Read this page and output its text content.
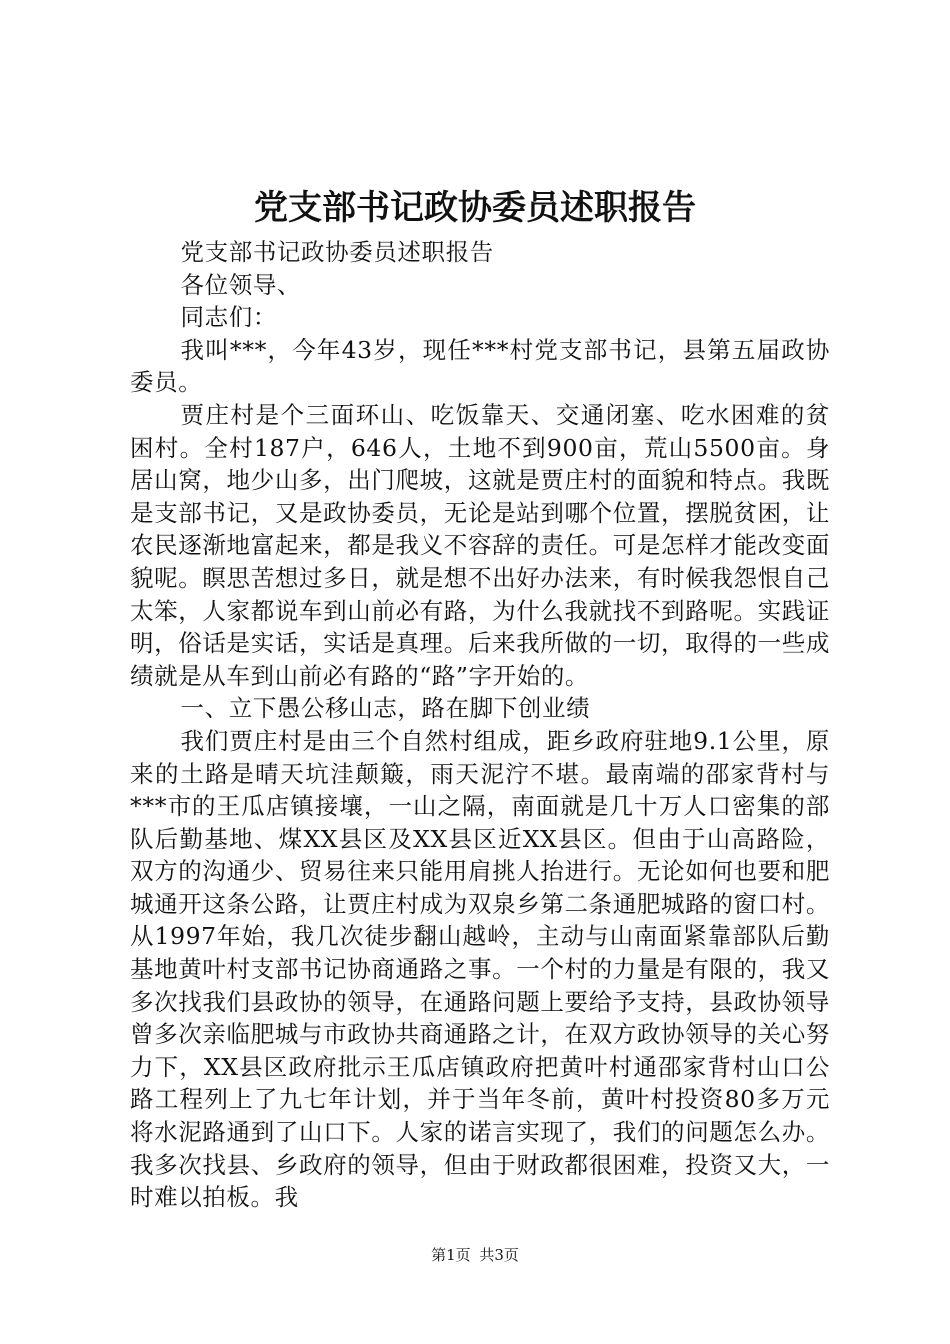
党支部书记政协委员述职报告

党支部书记政协委员述职报告

各位领导、

同志们：

我叫***，今年43岁，现任***村党支部书记，县第五届政协委员。

贾庄村是个三面环山、吃饭靠天、交通闭塞、吃水困难的贫困村。全村187户，646人，土地不到900亩，荒山5500亩。身居山窝，地少山多，出门爬坡，这就是贾庄村的面貌和特点。我既是支部书记，又是政协委员，无论是站到哪个位置，摆脱贫困，让农民逐渐地富起来，都是我义不容辞的责任。可是怎样才能改变面貌呢。瞑思苦想过多日，就是想不出好办法来，有时候我怨恨自己太笨，人家都说车到山前必有路，为什么我就找不到路呢。实践证明，俗话是实话，实话是真理。后来我所做的一切，取得的一些成绩就是从车到山前必有路的“路”字开始的。

一、立下愚公移山志，路在脚下创业绩

我们贾庄村是由三个自然村组成，距乡政府驻地9.1公里，原来的土路是晴天坑洼颠簸，雨天泥泞不堪。最南端的邵家背村与***市的王瓜店镇接壤，一山之隔，南面就是几十万人口密集的部队后勤基地、煤XX县区及XX县区近XX县区。但由于山高路险，双方的沟通少、贸易往来只能用肩挑人抬进行。无论如何也要和肥城通开这条公路，让贾庄村成为双泉乡第二条通肥城路的窗口村。从1997年始，我几次徒步翻山越岭，主动与山南面紧靠部队后勤基地黄叶村支部书记协商通路之事。一个村的力量是有限的，我又多次找我们县政协的领导，在通路问题上要给予支持，县政协领导曾多次亲临肥城与市政协共商通路之计，在双方政协领导的关心努力下，XX县区政府批示王瓜店镇政府把黄叶村通邵家背村山口公路工程列上了九七年计划，并于当年冬前，黄叶村投资80多万元将水泥路通到了山口下。人家的诺言实现了，我们的问题怎么办。我多次找县、乡政府的领导，但由于财政都很困难，投资又大，一时难以拍板。我

第1页 共3页
